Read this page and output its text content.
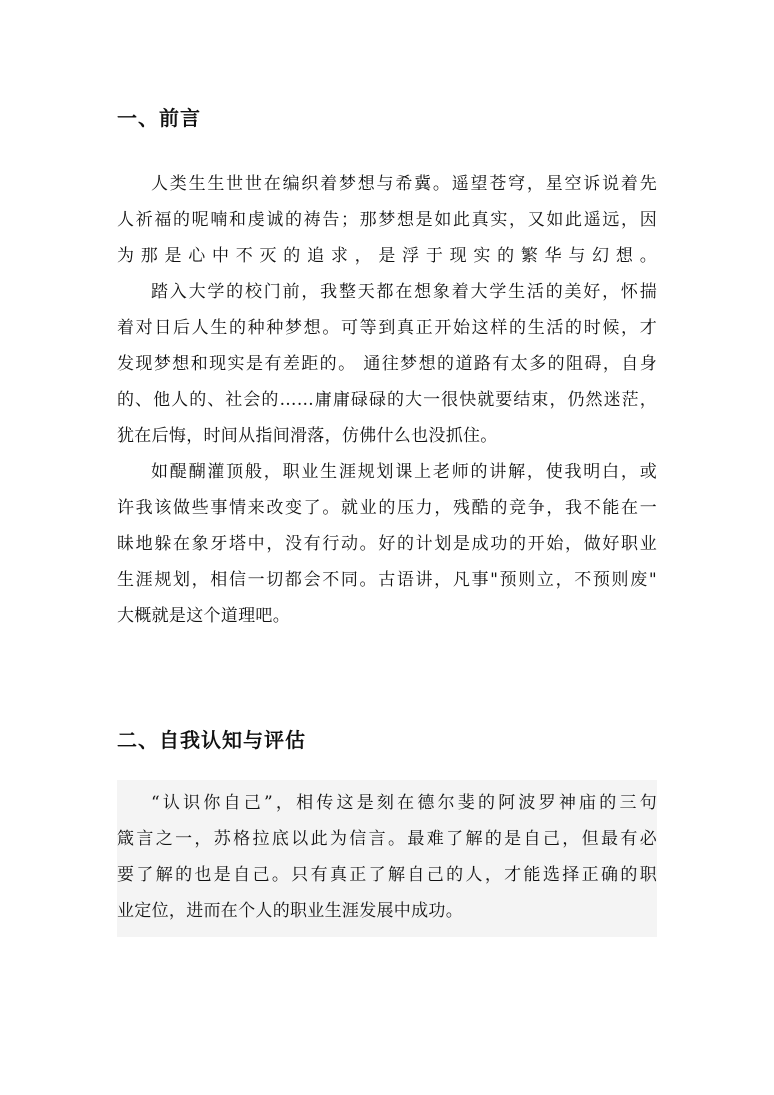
一、前言

人类生生世世在编织着梦想与希冀。遥望苍穹，星空诉说着先
人祈福的呢喃和虔诚的祷告；那梦想是如此真实，又如此遥远，因
为 那 是 心 中 不 灭 的 追 求 ， 是 浮 于 现 实 的 繁 华 与 幻 想 。

踏入大学的校门前，我整天都在想象着大学生活的美好，怀揣
着对日后人生的种种梦想。可等到真正开始这样的生活的时候，才
发现梦想和现实是有差距的。 通往梦想的道路有太多的阻碍，自身
的、他人的、社会的……庸庸碌碌的大一很快就要结束，仍然迷茫，
犹在后悔，时间从指间滑落，仿佛什么也没抓住。

如醍醐灌顶般，职业生涯规划课上老师的讲解，使我明白，或
许我该做些事情来改变了。就业的压力，残酷的竞争，我不能在一
昧地躲在象牙塔中，没有行动。好的计划是成功的开始，做好职业
生涯规划，相信一切都会不同。古语讲，凡事"预则立，不预则废"
大概就是这个道理吧。

二、自我认知与评估

“认识你自己”，相传这是刻在德尔斐的阿波罗神庙的三句
箴言之一，苏格拉底以此为信言。最难了解的是自己，但最有必
要了解的也是自己。只有真正了解自己的人，才能选择正确的职
业定位，进而在个人的职业生涯发展中成功。
